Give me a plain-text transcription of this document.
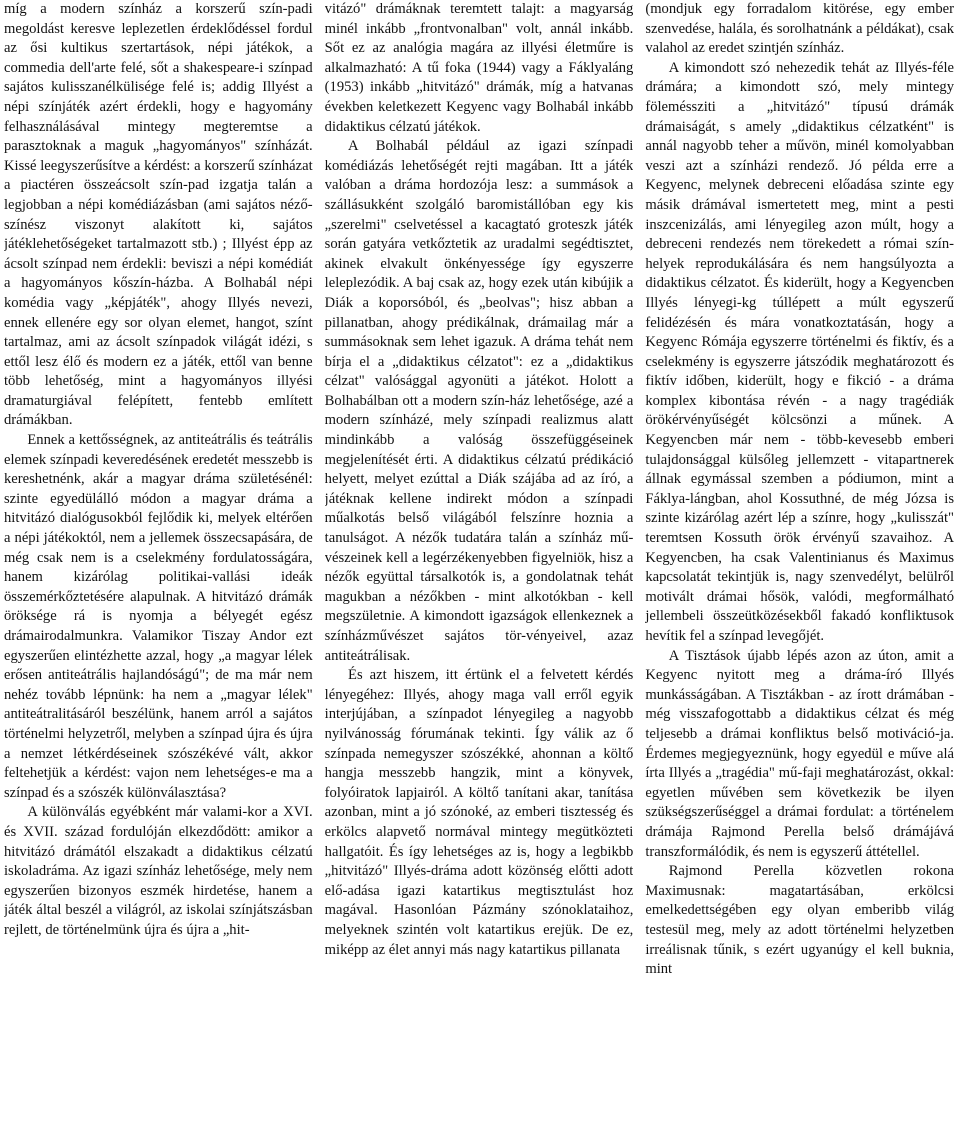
míg a modern színház a korszerű szín-padi megoldást keresve leplezetlen érdeklődéssel fordul az ősi kultikus szertartások, népi játékok, a commedia dell'arte felé, sőt a shakespeare-i színpad sajátos kulisszanélkülisége felé is; addig Illyést a népi színjáték azért érdekli, hogy e hagyomány felhasználásával mintegy megteremtse a parasztoknak a maguk „hagyományos" színházát. Kissé leegyszerűsítve a kérdést: a korszerű színházat a piactéren összeácsolt szín-pad izgatja talán a legjobban a népi komédiázásban (ami sajátos néző-színész viszonyt alakított ki, sajátos játéklehetőségeket tartalmazott stb.) ; Illyést épp az ácsolt színpad nem érdekli: beviszi a népi komédiát a hagyományos kőszín-házba. A Bolhabál népi komédia vagy „képjáték", ahogy Illyés nevezi, ennek ellenére egy sor olyan elemet, hangot, színt tartalmaz, ami az ácsolt színpadok világát idézi, s ettől lesz élő és modern ez a játék, ettől van benne több lehetőség, mint a hagyományos illyési dramaturgiával felépített, fentebb említett drámákban.

Ennek a kettősségnek, az antiteátrális és teátrális elemek színpadi keveredésének eredetét messzebb is kereshetnénk, akár a magyar dráma születésénél: szinte egyedülálló módon a magyar dráma a hitvitázó dialógusokból fejlődik ki, melyek eltérően a népi játékoktól, nem a jellemek összecsapására, de még csak nem is a cselekmény fordulatosságára, hanem kizárólag politikai-vallási ideák összemérkőztetésére alapulnak. A hitvitázó drámák öröksége rá is nyomja a bélyegét egész drámairodalmunkra. Valamikor Tiszay Andor ezt egyszerűen elintézhette azzal, hogy „a magyar lélek erősen antiteátrális hajlandóságú"; de ma már nem nehéz tovább lépnünk: ha nem a „magyar lélek" antiteátralitásáról beszélünk, hanem arról a sajátos történelmi helyzetről, melyben a színpad újra és újra a nemzet létkérdéseinek szószékévé vált, akkor feltehetjük a kérdést: vajon nem lehetséges-e ma a színpad és a szószék különválasztása?

A különválás egyébként már valami-kor a XVI. és XVII. század fordulóján elkezdődött: amikor a hitvitázó drámától elszakadt a didaktikus célzatú iskoladráma. Az igazi színház lehetősége, mely nem egyszerűen bizonyos eszmék hirdetése, hanem a játék által beszél a világról, az iskolai színjátszásban rejlett, de történelmünk újra és újra a „hit-

vitázó" drámáknak teremtett talajt: a magyarság minél inkább „frontvonalban" volt, annál inkább. Sőt ez az analógia magára az illyési életműre is alkalmazható: A tű foka (1944) vagy a Fáklyaláng (1953) inkább „hitvitázó" drámák, míg a hatvanas években keletkezett Kegyenc vagy Bolhabál inkább didaktikus célzatú játékok.

A Bolhabál például az igazi színpadi komédiázás lehetőségét rejti magában. Itt a játék valóban a dráma hordozója lesz: a summások a szállásukként szolgáló baromistállóban egy kis „szerelmi" cselvetéssel a kacagtató groteszk játék során gatyára vetkőztetik az uradalmi segédtisztet, akinek elvakult önkényessége így egyszerre leleplezódik. A baj csak az, hogy ezek után kibújik a Diák a koporsóból, és „beolvas"; hisz abban a pillanatban, ahogy prédikálnak, drámailag már a summásoknak sem lehet igazuk. A dráma tehát nem bírja el a „didaktikus célzatot": ez a „didaktikus célzat" valósággal agyonüti a játékot. Holott a Bolhabálban ott a modern szín-ház lehetősége, azé a modern színházé, mely színpadi realizmus alatt mindinkább a valóság összefüggéseinek megjelenítését érti. A didaktikus célzatú prédikáció helyett, melyet ezúttal a Diák szájába ad az író, a játéknak kellene indirekt módon a színpadi műalkotás belső világából felszínre hoznia a tanulságot. A nézők tudatára talán a színház mű-vészeinek kell a legérzékenyebben figyelniök, hisz a nézők együttal társalkotók is, a gondolatnak tehát magukban a nézőkben - mint alkotókban - kell megszületnie. A kimondott igazságok ellenkeznek a színházművészet sajátos tör-vényeivel, azaz antiteátrálisak.

És azt hiszem, itt értünk el a felvetett kérdés lényegéhez: Illyés, ahogy maga vall erről egyik interjújában, a színpadot lényegileg a nagyobb nyilvánosság fórumának tekinti. Így válik az ő színpada nemegyszer szószékké, ahonnan a költő hangja messzebb hangzik, mint a könyvek, folyóiratok lapjairól. A költő tanítani akar, tanítása azonban, mint a jó szónoké, az emberi tisztesség és erkölcs alapvető normával mintegy megütközteti hallgatóit. És így lehetséges az is, hogy a legbikbb „hitvitázó" Illyés-dráma adott közönség előtti adott elő-adása igazi katartikus megtisztulást hoz magával. Hasonlóan Pázmány szónoklataihoz, melyeknek szintén volt katartikus erejük. De ez, miképp az élet annyi más nagy katartikus pillanata

(mondjuk egy forradalom kitörése, egy ember szenvedése, halála, és sorolhatnánk a példákat), csak valahol az eredet szintjén színház.

A kimondott szó nehezedik tehát az Illyés-féle drámára; a kimondott szó, mely mintegy föleméssziti a „hitvitázó" típusú drámák drámaiságát, s amely „didaktikus célzatként" is annál nagyobb teher a művön, minél komolyabban veszi azt a színházi rendező. Jó példa erre a Kegyenc, melynek debreceni előadása szinte egy másik drámával ismertetett meg, mint a pesti inszcenizálás, ami lényegileg azon múlt, hogy a debreceni rendezés nem törekedett a római szín-helyek reprodukálására és nem hangsúlyozta a didaktikus célzatot. És kiderült, hogy a Kegyencben Illyés lényegi-kg túllépett a múlt egyszerű felidézésén és mára vonatkoztatásán, hogy a Kegyenc Rómája egyszerre történelmi és fiktív, és a cselekmény is egyszerre játszódik meghatározott és fiktív időben, kiderült, hogy e fikció - a dráma komplex kibontása révén - a nagy tragédiák örökérvényűségét kölcsönzi a műnek. A Kegyencben már nem - több-kevesebb emberi tulajdonsággal külsőleg jellemzett - vitapartnerek állnak egymással szemben a pódiumon, mint a Fáklya-lángban, ahol Kossuthné, de még Józsa is szinte kizárólag azért lép a színre, hogy „kulisszát" teremtsen Kossuth örök érvényű szavaihoz. A Kegyencben, ha csak Valentinianus és Maximus kapcsolatát tekintjük is, nagy szenvedélyt, belülről motivált drámai hősök, valódi, megformálható jellembeli összeütközésekből fakadó konfliktusok hevítik fel a színpad levegőjét.

A Tisztások újabb lépés azon az úton, amit a Kegyenc nyitott meg a dráma-író Illyés munkásságában. A Tisztákban - az írott drámában - még visszafogottabb a didaktikus célzat és még teljesebb a drámai konfliktus belső motiváció-ja. Érdemes megjegyeznünk, hogy egyedül e műve alá írta Illyés a „tragédia" mű-faji meghatározást, okkal: egyetlen művében sem következik be ilyen szükségszerűséggel a drámai fordulat: a történelem drámája Rajmond Perella belső drámájává transzformálódik, és nem is egyszerű áttétellel.

Rajmond Perella közvetlen rokona Maximusnak: magatartásában, erkölcsi emelkedettségében egy olyan emberibb világ testesül meg, mely az adott történelmi helyzetben irreálisnak tűnik, s ezért ugyanúgy el kell buknia, mint
